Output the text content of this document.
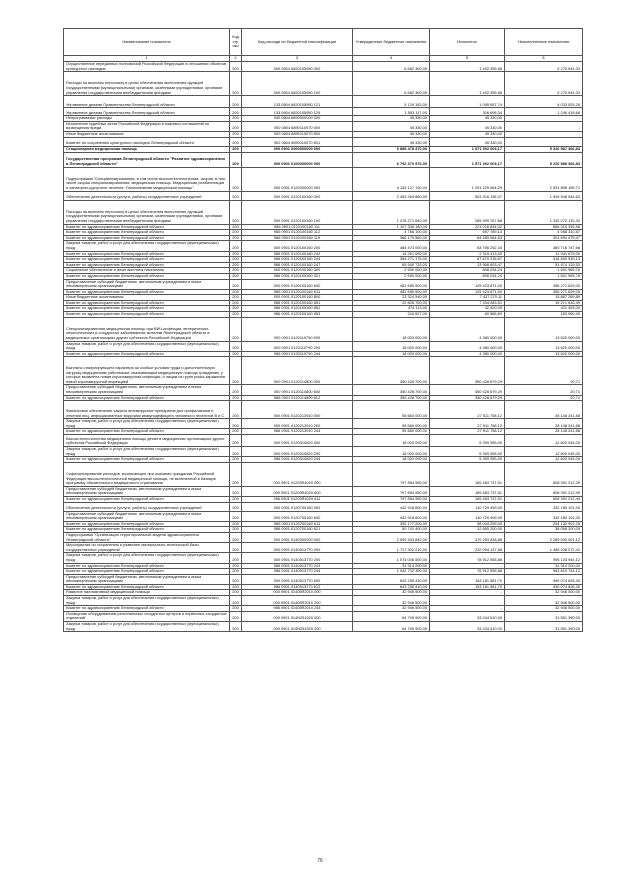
Наименование показателя	Код строки	Код расхода по бюджетной классификации	Утвержденные бюджетные назначения	Исполнено	Неисполненные назначения
1	2	3	4	5	6
Осуществление переданных полномочий Российской Федерации в отношении объектов культурного наследия	200	000 0804 6820105950 000	6 682 300,00	1 402 355,68	5 279 944,32
Расходы на выплаты персоналу в целях обеспечения выполнения функций государственными (муниципальными) органами, казенными учреждениями, органами управления государственными внебюджетными фондами	200	000 0804 6820105950 100	6 682 300,00	1 402 355,68	5 279 944,32
Управление делами Правительства Ленинградской области	200	133 0804 6820105950 121	5 129 183,00	1 095 657,74	4 033 525,26
Управление делами Правительства Ленинградской области	200	133 0804 6820105950 129	1 553 117,00	306 698,34	1 246 418,66
Непрограммные расходы	200	000 0804 6890000000 000	45 330,00	45 330,00	-
Исполнение судебных актов Российской Федерации и мировых соглашений по возмещению вреда	200	000 0804 6890110070 000	45 330,00	45 330,00	-
Иные бюджетные ассигнования	200	000 0804 6890110070 800	45 330,00	45 330,00	-
Комитет по сохранению культурного наследия Ленинградской области	200	902 0804 6890110070 831	45 330,00	45 330,00	-
Стационарная медицинская помощь	200	000 0901 0000000000 000	6 888 478 470,00	1 571 492 003,17	5 316 987 466,83
Государственная программа Ленинградской области "Развитие здравоохранения в Ленинградской области"	200	000 0901 0100000000 000	6 792 470 970,00	1 571 492 003,17	5 220 988 366,83
Подпрограмма "Специализированная, в том числе высокотехнологичная, скорая, в том числе скорая специализированная, медицинская помощь. Медицинская реабилитация и санаторно-курортное лечение. Паллиативная медицинская помощь"	200	000 0901 0120000000 000	4 133 127 130,00	1 201 229 964,29	2 931 898 165,71
Обеспечение деятельности (услуги, работы) государственных учреждений	200	000 0901 0120100160 000	2 453 264 880,00	503 316 136,37	1 949 948 544,63
Расходы на выплаты персоналу в целях обеспечения выполнения функций государственными (муниципальными) органами, казенными учреждениями, органами управления государственными внебюджетными фондами	200	000 0901 0120100160 100	1 478 271 840,00	285 999 767,68	1 192 272 132,32
Комитет по здравоохранению Ленинградской области	200	986 0901 0120100160 111	1 107 336 180,00	221 016 834,02	886 319 345,98
Комитет по здравоохранению Ленинградской области	200	986 0901 0120100160 112	4 766 100,00	697 789,13	4 068 310,87
Комитет по здравоохранению Ленинградской области	200	986 0901 0120100160 119	366 179 560,00	64 285 084,53	301 894 475,47
Закупка товаров, работ и услуг для обеспечения государственных (муниципальных) нужд	200	000 0901 0120100160 200	464 473 000,00	83 756 252,34	380 716 747,66
Комитет по здравоохранению Ленинградской области	200	986 0901 0120100160 242	14 261 092,00	2 319 413,00	11 941 679,00
Комитет по здравоохранению Ленинградской области	200	986 0901 0120100160 244	384 271 175,00	67 670 235,87	316 600 939,13
Комитет по здравоохранению Ленинградской области	200	986 0901 0120100160 247	65 940 733,00	13 966 603,47	51 974 129,53
Социальное обеспечение и иные выплаты населению	200	000 0901 0120100160 300	2 500 000,00	898 034,24	1 601 965,76
Комитет по здравоохранению Ленинградской области	200	986 0901 0120100160 321	2 500 000,00	898 034,24	1 601 965,76
Предоставление субсидий бюджетным, автономным учреждениям и иным некоммерческим организациям	200	000 0901 0120100160 600	481 695 500,00	125 423 871,00	356 271 629,00
Комитет по здравоохранению Ленинградской области	200	986 0901 0120100160 611	481 695 500,00	125 423 871,00	356 271 629,00
Иные бюджетные ассигнования	200	000 0901 0120100160 800	23 324 540,00	7 437 270,11	15 887 269,89
Комитет по здравоохранению Ленинградской области	200	986 0901 0120100160 851	22 605 700,00	7 334 083,51	15 271 616,49
Комитет по здравоохранению Ленинградской области	200	986 0901 0120100160 852	474 113,00	42 620,00	431 493,00
Комитет по здравоохранению Ленинградской области	200	986 0901 0120100160 853	244 627,00	60 566,60	183 960,40
Специализированная медицинская помощь при ВИЧ-инфекции, венерических, онкологических и сосудистых заболеваниях жителям Ленинградской области в медицинских организациях других субъектов Российской Федерации	200	000 0901 0120110790 000	18 000 000,00	4 380 000,00	13 620 000,00
Закупка товаров, работ и услуг для обеспечения государственных (муниципальных) нужд	200	000 0901 0120110790 200	18 000 000,00	4 380 000,00	13 620 000,00
Комитет по здравоохранению Ленинградской области	200	986 0901 0120110790 244	18 000 000,00	4 380 000,00	13 620 000,00
Выплаты стимулирующего характера за особые условия труда и дополнительную нагрузку медицинским работникам, оказывающим медицинскую помощь гражданам, у которых выявлена новая коронавирусная инфекция, и лицам из групп риска заражения новой коронавирусной инфекцией	200	000 0901 0120114800 000	350 428 700,00	350 428 679,29	20,71
Предоставление субсидий бюджетным, автономным учреждениям и иным некоммерческим организациям	200	000 0901 0120114800 600	350 428 700,00	350 428 679,29	20,71
Комитет по здравоохранению Ленинградской области	200	986 0901 0120114800 612	350 428 700,00	350 428 679,29	20,71
Финансовое обеспечение закупок антивирусных препаратов для профилактики и лечения лиц, инфицированных вирусами иммунодефицита человека и гепатитов В и С	200	000 0901 0120213910 000	55 660 000,00	27 511 758,12	28 148 241,88
Закупка товаров, работ и услуг для обеспечения государственных (муниципальных) нужд	200	000 0901 0120213910 200	55 660 000,00	27 511 758,12	28 148 241,88
Комитет по здравоохранению Ленинградской области	200	986 0901 0120213910 244	55 660 000,00	27 511 758,12	28 148 241,88
Высокотехнологичная медицинская помощь детям в медицинских организациях других субъектов Российской Федерации	200	000 0901 0120310820 000	18 000 000,00	5 399 955,00	12 600 045,00
Закупка товаров, работ и услуг для обеспечения государственных (муниципальных) нужд	200	000 0901 0120310820 200	18 000 000,00	5 399 955,00	12 600 045,00
Комитет по здравоохранению Ленинградской области	200	986 0901 0120310820 244	18 000 000,00	5 399 955,00	12 600 045,00
Софинансирование расходов, возникающих при оказании гражданам Российской Федерации высокотехнологичной медицинской помощи, не включенной в базовую программу обязательного медицинского страхования	200	000 0901 01203R4020 000	797 854 950,00	189 463 737,51	608 391 212,49
Предоставление субсидий бюджетным, автономным учреждениям и иным некоммерческим организациям	200	000 0901 01203R4020 600	797 854 950,00	189 463 737,51	608 391 212,49
Комитет по здравоохранению Ленинградской области	200	986 0901 01203R4020 611	797 854 950,00	189 463 737,51	608 391 212,49
Обеспечение деятельности (услуги, работы) государственных учреждений	200	000 0901 0120700160 000	442 918 600,00	110 729 499,00	332 189 101,00
Предоставление субсидий бюджетным, автономным учреждениям и иным некоммерческим организациям	200	000 0901 0120700160 600	442 918 600,00	110 729 499,00	332 189 101,00
Комитет по здравоохранению Ленинградской области	200	986 0901 0120700160 611	392 177 200,00	98 044 299,00	294 132 901,00
Комитет по здравоохранению Ленинградской области	200	986 0901 0120700160 621	50 741 400,00	12 685 200,00	38 056 200,00
Подпрограмма "Организация территориальной модели здравоохранения Ленинградской области"	200	000 0901 0140000000 000	2 659 343 840,00	370 253 838,88	2 289 090 001,12
Мероприятия по сохранению и развитию материально-технической базы государственных учреждений	200	000 0901 0140513770 000	1 717 302 210,00	232 094 137,58	1 485 208 072,42
Закупка товаров, работ и услуг для обеспечения государственных (муниципальных) нужд	200	000 0901 0140513770 200	1 074 046 500,00	78 912 555,88	995 133 944,12
Комитет по здравоохранению Ленинградской области	200	986 0901 0140513770 243	31 314 200,00	-	31 314 200,00
Комитет по здравоохранению Ленинградской области	200	986 0901 0140513770 244	1 042 732 300,00	78 912 555,88	963 819 744,12
Предоставление субсидий бюджетным, автономным учреждениям и иным некоммерческим организациям	200	000 0901 0140513770 600	643 255 410,00	153 181 581,70	490 074 828,30
Комитет по здравоохранению Ленинградской области	200	986 0901 0140513770 612	643 255 410,00	153 181 581,70	490 074 828,30
Развитие паллиативной медицинской помощи	200	000 0901 01405R2010 000	32 946 500,00	-	32 946 500,00
Закупка товаров, работ и услуг для обеспечения государственных (муниципальных) нужд	200	000 0901 01405R2010 200	32 946 500,00	-	32 946 500,00
Комитет по здравоохранению Ленинградской области	200	986 0901 01405R2010 244	32 946 500,00	-	32 946 500,00
Оснащение оборудованием региональных сосудистых центров и первичных сосудистых отделений	200	000 0901 014N251920 000	64 795 900,00	33 244 510,00	31 551 390,00
Закупка товаров, работ и услуг для обеспечения государственных (муниципальных) нужд	200	000 0901 014N251920 200	64 795 900,00	33 244 510,00	31 551 390,00
76
